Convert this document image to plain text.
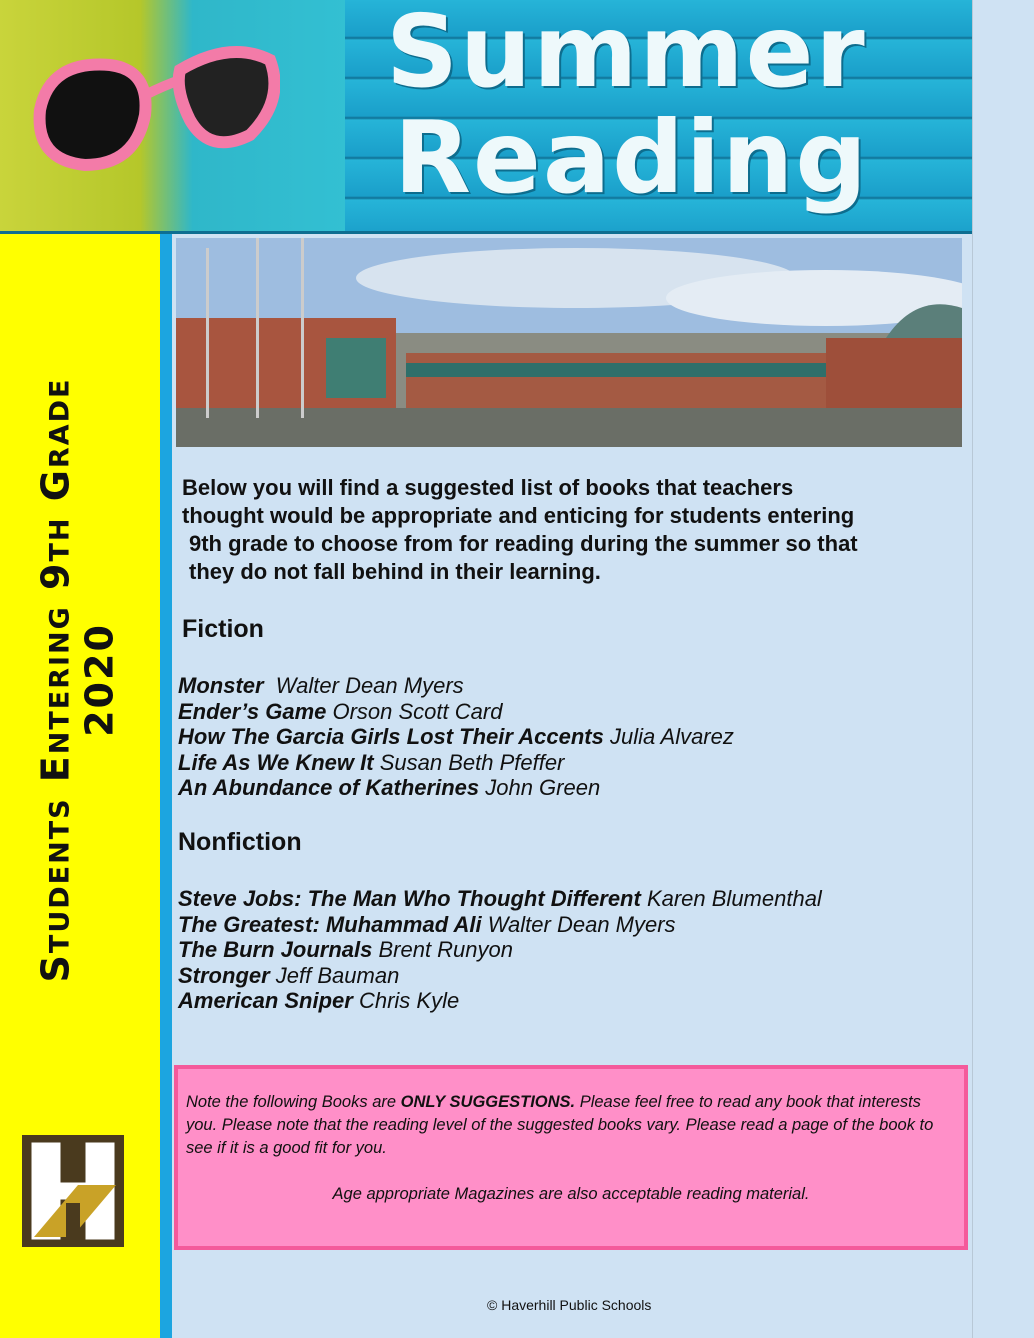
Summer
Reading
Students Entering 9th Grade 2020
Below you will find a suggested list of books that teachers
thought would be appropriate and enticing for students entering
9th grade to choose from for reading during the summer so that
they do not fall behind in their learning.
Fiction
Monster  Walter Dean Myers
Ender’s Game Orson Scott Card
How The Garcia Girls Lost Their Accents Julia Alvarez
Life As We Knew It Susan Beth Pfeffer
An Abundance of Katherines John Green
Nonfiction
Steve Jobs: The Man Who Thought Different Karen Blumenthal
The Greatest: Muhammad Ali Walter Dean Myers
The Burn Journals Brent Runyon
Stronger Jeff Bauman
American Sniper Chris Kyle

Note the following Books are ONLY SUGGESTIONS. Please feel free to read any book that interests you. Please note that the reading level of the suggested books vary. Please read a page of the book to see if it is a good fit for you.

Age appropriate Magazines are also acceptable reading material.

© Haverhill Public Schools
